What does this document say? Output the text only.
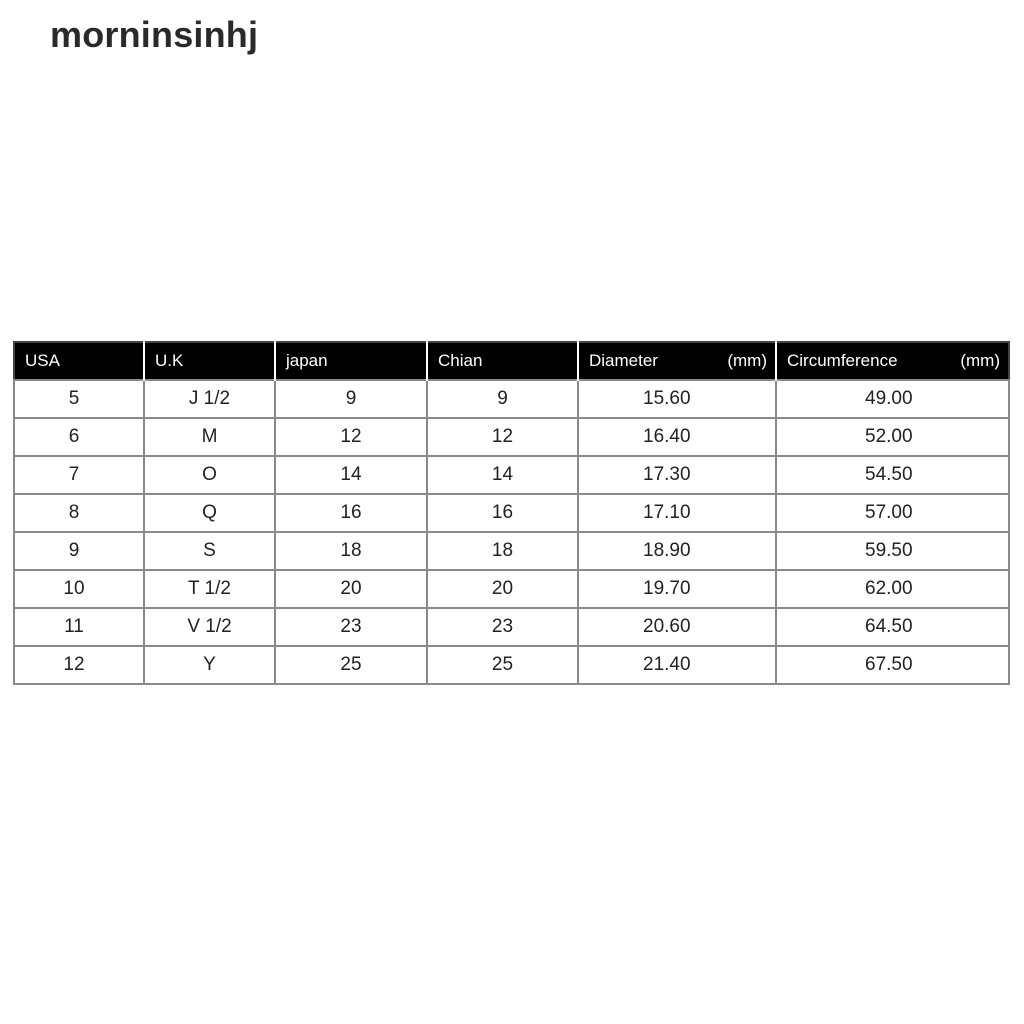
morninsinhj
USA	U.K	japan	Chian	Diameter (mm)	Circumference (mm)

5	J 1/2	9	9	15.60	49.00
6	M	12	12	16.40	52.00
7	O	14	14	17.30	54.50
8	Q	16	16	17.10	57.00
9	S	18	18	18.90	59.50
10	T 1/2	20	20	19.70	62.00
11	V 1/2	23	23	20.60	64.50
12	Y	25	25	21.40	67.50
